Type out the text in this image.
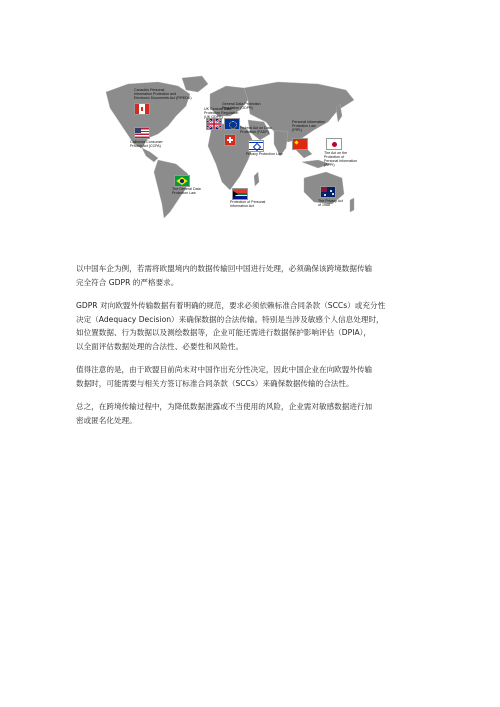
Canada's Personal
Information Protection and
Electronic Documents Act (PIPEDA)
California Consumer
Privacy Act (CCPA)
UK General Data
Protection Regulation
(UK GDPR)
General Data Protection
Regulation (GDPR)
Federal Act on Data
Protection (FADP)
Privacy Protection Law
Personal Information
Protection Law
(PIPL)
The Act on the
Protection of
Personal Information
(APPI)
The General Data
Protection Law
Protection of Personal
Information Act
The Privacy Act
of 1988

以中国车企为例，若需将欧盟境内的数据传输回中国进行处理，必须确保该跨境数据传输
完全符合 GDPR 的严格要求。

GDPR 对向欧盟外传输数据有着明确的规范，要求必须依赖标准合同条款（SCCs）或充分性
决定（Adequacy Decision）来确保数据的合法传输。特别是当涉及敏感个人信息处理时，
如位置数据、行为数据以及测绘数据等，企业可能还需进行数据保护影响评估（DPIA），
以全面评估数据处理的合法性、必要性和风险性。

值得注意的是，由于欧盟目前尚未对中国作出充分性决定，因此中国企业在向欧盟外传输
数据时，可能需要与相关方签订标准合同条款（SCCs）来确保数据传输的合法性。

总之，在跨境传输过程中，为降低数据泄露或不当使用的风险，企业需对敏感数据进行加
密或匿名化处理。
